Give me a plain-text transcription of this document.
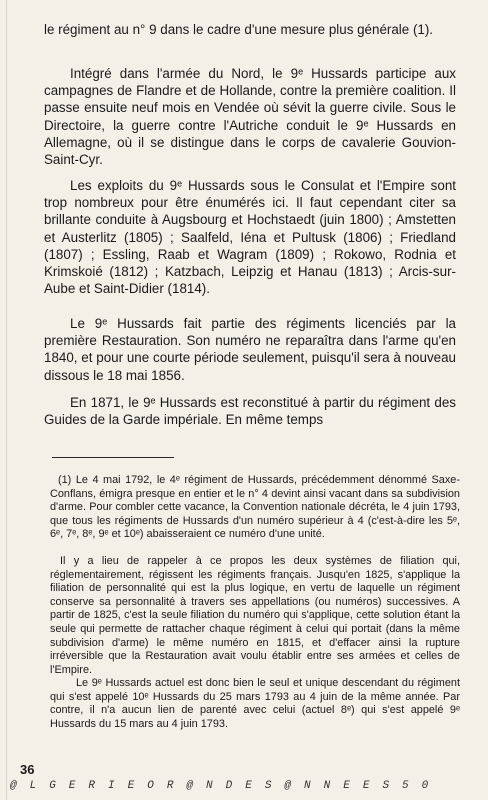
le régiment au n° 9 dans le cadre d'une mesure plus générale (1).
Intégré dans l'armée du Nord, le 9ᵉ Hussards participe aux campagnes de Flandre et de Hollande, contre la première coalition. Il passe ensuite neuf mois en Vendée où sévit la guerre civile. Sous le Directoire, la guerre contre l'Autriche conduit le 9ᵉ Hussards en Allemagne, où il se distingue dans le corps de cavalerie Gouvion-Saint-Cyr.
Les exploits du 9ᵉ Hussards sous le Consulat et l'Empire sont trop nombreux pour être énumérés ici. Il faut cependant citer sa brillante conduite à Augsbourg et Hochstaedt (juin 1800) ; Amstetten et Austerlitz (1805) ; Saalfeld, Iéna et Pultusk (1806) ; Friedland (1807) ; Essling, Raab et Wagram (1809) ; Rokowo, Rodnia et Krimskoié (1812) ; Katzbach, Leipzig et Hanau (1813) ; Arcis-sur-Aube et Saint-Didier (1814).
Le 9ᵉ Hussards fait partie des régiments licenciés par la première Restauration. Son numéro ne reparaîtra dans l'arme qu'en 1840, et pour une courte période seulement, puisqu'il sera à nouveau dissous le 18 mai 1856.
En 1871, le 9ᵉ Hussards est reconstitué à partir du régiment des Guides de la Garde impériale. En même temps
(1) Le 4 mai 1792, le 4ᵉ régiment de Hussards, précédemment dénommé Saxe-Conflans, émigra presque en entier et le n° 4 devint ainsi vacant dans sa subdivision d'arme. Pour combler cette vacance, la Convention nationale décréta, le 4 juin 1793, que tous les régiments de Hussards d'un numéro supérieur à 4 (c'est-à-dire les 5ᵉ, 6ᵉ, 7ᵉ, 8ᵉ, 9ᵉ et 10ᵉ) abaisseraient ce numéro d'une unité.
Il y a lieu de rappeler à ce propos les deux systèmes de filiation qui, réglementairement, régissent les régiments français. Jusqu'en 1825, s'applique la filiation de personnalité qui est la plus logique, en vertu de laquelle un régiment conserve sa personnalité à travers ses appellations (ou numéros) successives. A partir de 1825, c'est la seule filiation du numéro qui s'applique, cette solution étant la seule qui permette de rattacher chaque régiment à celui qui portait (dans la même subdivision d'arme) le même numéro en 1815, et d'effacer ainsi la rupture irréversible que la Restauration avait voulu établir entre ses armées et celles de l'Empire.
Le 9ᵉ Hussards actuel est donc bien le seul et unique descendant du régiment qui s'est appelé 10ᵉ Hussards du 25 mars 1793 au 4 juin de la même année. Par contre, il n'a aucun lien de parenté avec celui (actuel 8ᵉ) qui s'est appelé 9ᵉ Hussards du 15 mars au 4 juin 1793.
36
@ L G E R I E O R @ N D E S @ N N E E S 5 0
